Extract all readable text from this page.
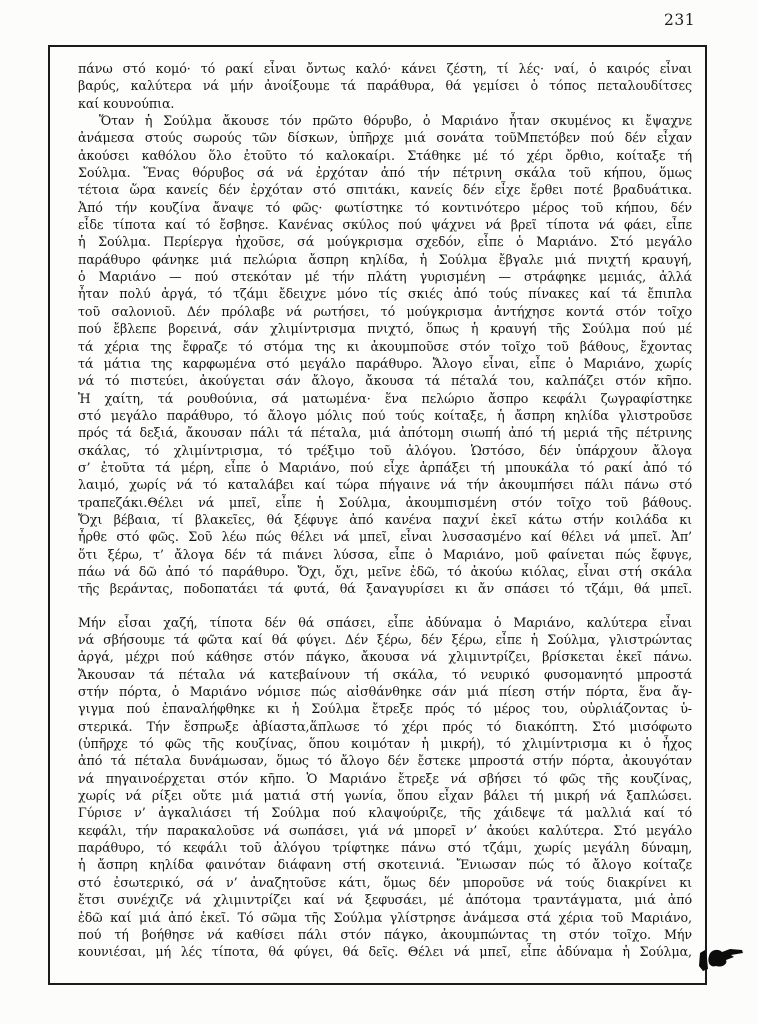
231
πάνω στό κομό· τό ρακί εἶναι ὄντως καλό· κάνει ζέστη, τί λές· ναί, ὁ καιρός εἶναι
βαρύς, καλύτερα νά μήν ἀνοίξουμε τά παράθυρα, θά γεμίσει ὁ τόπος πεταλουδίτσες
καί κουνούπια.
Ὅταν ἡ Σούλμα ἄκουσε τόν πρῶτο θόρυβο, ὁ Μαριάνο ἦταν σκυμένος κι ἔψαχνε
ἀνάμεσα στούς σωρούς τῶν δίσκων, ὑπῆρχε μιά σονάτα τοῦΜπετόβεν πού δέν εἶχαν
ἀκούσει καθόλου ὅλο ἐτοῦτο τό καλοκαίρι. Στάθηκε μέ τό χέρι ὄρθιο, κοίταξε τή
Σούλμα. Ἕνας θόρυβος σά νά ἐρχόταν ἀπό τήν πέτρινη σκάλα τοῦ κήπου, ὅμως
τέτοια ὥρα κανείς δέν ἐρχόταν στό σπιτάκι, κανείς δέν εἶχε ἔρθει ποτέ βραδυάτικα.
Ἀπό τήν κουζίνα ἄναψε τό φῶς· φωτίστηκε τό κοντινότερο μέρος τοῦ κήπου, δέν
εἶδε τίποτα καί τό ἔσβησε. Κανένας σκύλος πού ψάχνει νά βρεῖ τίποτα νά φάει, εἶπε
ἡ Σούλμα. Περίεργα ἠχοῦσε, σά μούγκρισμα σχεδόν, εἶπε ὁ Μαριάνο. Στό μεγάλο
παράθυρο φάνηκε μιά πελώρια ἄσπρη κηλίδα, ἡ Σούλμα ἔβγαλε μιά πνιχτή κραυγή,
ὁ Μαριάνο — πού στεκόταν μέ τήν πλάτη γυρισμένη — στράφηκε μεμιάς, ἀλλά
ἦταν πολύ ἀργά, τό τζάμι ἔδειχνε μόνο τίς σκιές ἀπό τούς πίνακες καί τά ἔπιπλα
τοῦ σαλονιοῦ. Δέν πρόλαβε νά ρωτήσει, τό μούγκρισμα ἀντήχησε κοντά στόν τοῖχο
πού ἔβλεπε βορεινά, σάν χλιμίντρισμα πνιχτό, ὅπως ἡ κραυγή τῆς Σούλμα πού μέ
τά χέρια της ἔφραζε τό στόμα της κι ἀκουμποῦσε στόν τοῖχο τοῦ βάθους, ἔχοντας
τά μάτια της καρφωμένα στό μεγάλο παράθυρο. Ἄλογο εἶναι, εἶπε ὁ Μαριάνο, χωρίς
νά τό πιστεύει, ἀκούγεται σάν ἄλογο, ἄκουσα τά πέταλά του, καλπάζει στόν κῆπο.
Ἡ χαίτη, τά ρουθούνια, σά ματωμένα· ἕνα πελώριο ἄσπρο κεφάλι ζωγραφίστηκε
στό μεγάλο παράθυρο, τό ἄλογο μόλις πού τούς κοίταξε, ἡ ἄσπρη κηλίδα γλιστροῦσε
πρός τά δεξιά, ἄκουσαν πάλι τά πέταλα, μιά ἀπότομη σιωπή ἀπό τή μεριά τῆς πέτρινης
σκάλας, τό χλιμίντρισμα, τό τρέξιμο τοῦ ἀλόγου. Ὡστόσο, δέν ὑπάρχουν ἄλογα
σ’ ἐτοῦτα τά μέρη, εἶπε ὁ Μαριάνο, πού εἶχε ἁρπάξει τή μπουκάλα τό ρακί ἀπό τό
λαιμό, χωρίς νά τό καταλάβει καί τώρα πήγαινε νά τήν ἀκουμπήσει πάλι πάνω στό
τραπεζάκι.Θέλει νά μπεῖ, εἶπε ἡ Σούλμα, ἀκουμπισμένη στόν τοῖχο τοῦ βάθους.
Ὄχι βέβαια, τί βλακεῖες, θά ξέφυγε ἀπό κανένα παχνί ἐκεῖ κάτω στήν κοιλάδα κι
ἦρθε στό φῶς. Σοῦ λέω πώς θέλει νά μπεῖ, εἶναι λυσσασμένο καί θέλει νά μπεῖ. Ἀπ’
ὅτι ξέρω, τ’ ἄλογα δέν τά πιάνει λύσσα, εἶπε ὁ Μαριάνο, μοῦ φαίνεται πώς ἔφυγε,
πάω νά δῶ ἀπό τό παράθυρο. Ὄχι, ὄχι, μεῖνε ἐδῶ, τό ἀκούω κιόλας, εἶναι στή σκάλα
τῆς βεράντας, ποδοπατάει τά φυτά, θά ξαναγυρίσει κι ἄν σπάσει τό τζάμι, θά μπεῖ.
Μήν εἶσαι χαζή, τίποτα δέν θά σπάσει, εἶπε ἀδύναμα ὁ Μαριάνο, καλύτερα εἶναι
νά σβήσουμε τά φῶτα καί θά φύγει. Δέν ξέρω, δέν ξέρω, εἶπε ἡ Σούλμα, γλιστρώντας
ἀργά, μέχρι πού κάθησε στόν πάγκο, ἄκουσα νά χλιμιντρίζει, βρίσκεται ἐκεῖ πάνω.
Ἄκουσαν τά πέταλα νά κατεβαίνουν τή σκάλα, τό νευρικό φυσομανητό μπροστά
στήν πόρτα, ὁ Μαριάνο νόμισε πώς αἰσθάνθηκε σάν μιά πίεση στήν πόρτα, ἕνα ἄγ-
γιγμα πού ἐπαναλήφθηκε κι ἡ Σούλμα ἔτρεξε πρός τό μέρος του, οὐρλιάζοντας ὑ-
στερικά. Τήν ἔσπρωξε ἀβίαστα,ἅπλωσε τό χέρι πρός τό διακόπτη. Στό μισόφωτο
(ὑπῆρχε τό φῶς τῆς κουζίνας, ὅπου κοιμόταν ἡ μικρή), τό χλιμίντρισμα κι ὁ ἦχος
ἀπό τά πέταλα δυνάμωσαν, ὅμως τό ἄλογο δέν ἔστεκε μπροστά στήν πόρτα, ἀκουγόταν
νά πηγαινοέρχεται στόν κῆπο. Ὁ Μαριάνο ἔτρεξε νά σβήσει τό φῶς τῆς κουζίνας,
χωρίς νά ρίξει οὔτε μιά ματιά στή γωνία, ὅπου εἶχαν βάλει τή μικρή νά ξαπλώσει.
Γύρισε ν’ ἀγκαλιάσει τή Σούλμα πού κλαψούριζε, τῆς χάιδεψε τά μαλλιά καί τό
κεφάλι, τήν παρακαλοῦσε νά σωπάσει, γιά νά μπορεῖ ν’ ἀκούει καλύτερα. Στό μεγάλο
παράθυρο, τό κεφάλι τοῦ ἀλόγου τρίφτηκε πάνω στό τζάμι, χωρίς μεγάλη δύναμη,
ἡ ἄσπρη κηλίδα φαινόταν διάφανη στή σκοτεινιά. Ἔνιωσαν πώς τό ἄλογο κοίταζε
στό ἐσωτερικό, σά ν’ ἀναζητοῦσε κάτι, ὅμως δέν μποροῦσε νά τούς διακρίνει κι
ἔτσι συνέχιζε νά χλιμιντρίζει καί νά ξεφυσάει, μέ ἀπότομα τραντάγματα, μιά ἀπό
ἐδῶ καί μιά ἀπό ἐκεῖ. Τό σῶμα τῆς Σούλμα γλίστρησε ἀνάμεσα στά χέρια τοῦ Μαριάνο,
πού τή βοήθησε νά καθίσει πάλι στόν πάγκο, ἀκουμπώντας τη στόν τοῖχο. Μήν
κουνιέσαι, μή λές τίποτα, θά φύγει, θά δεῖς. Θέλει νά μπεῖ, εἶπε ἀδύναμα ἡ Σούλμα,
